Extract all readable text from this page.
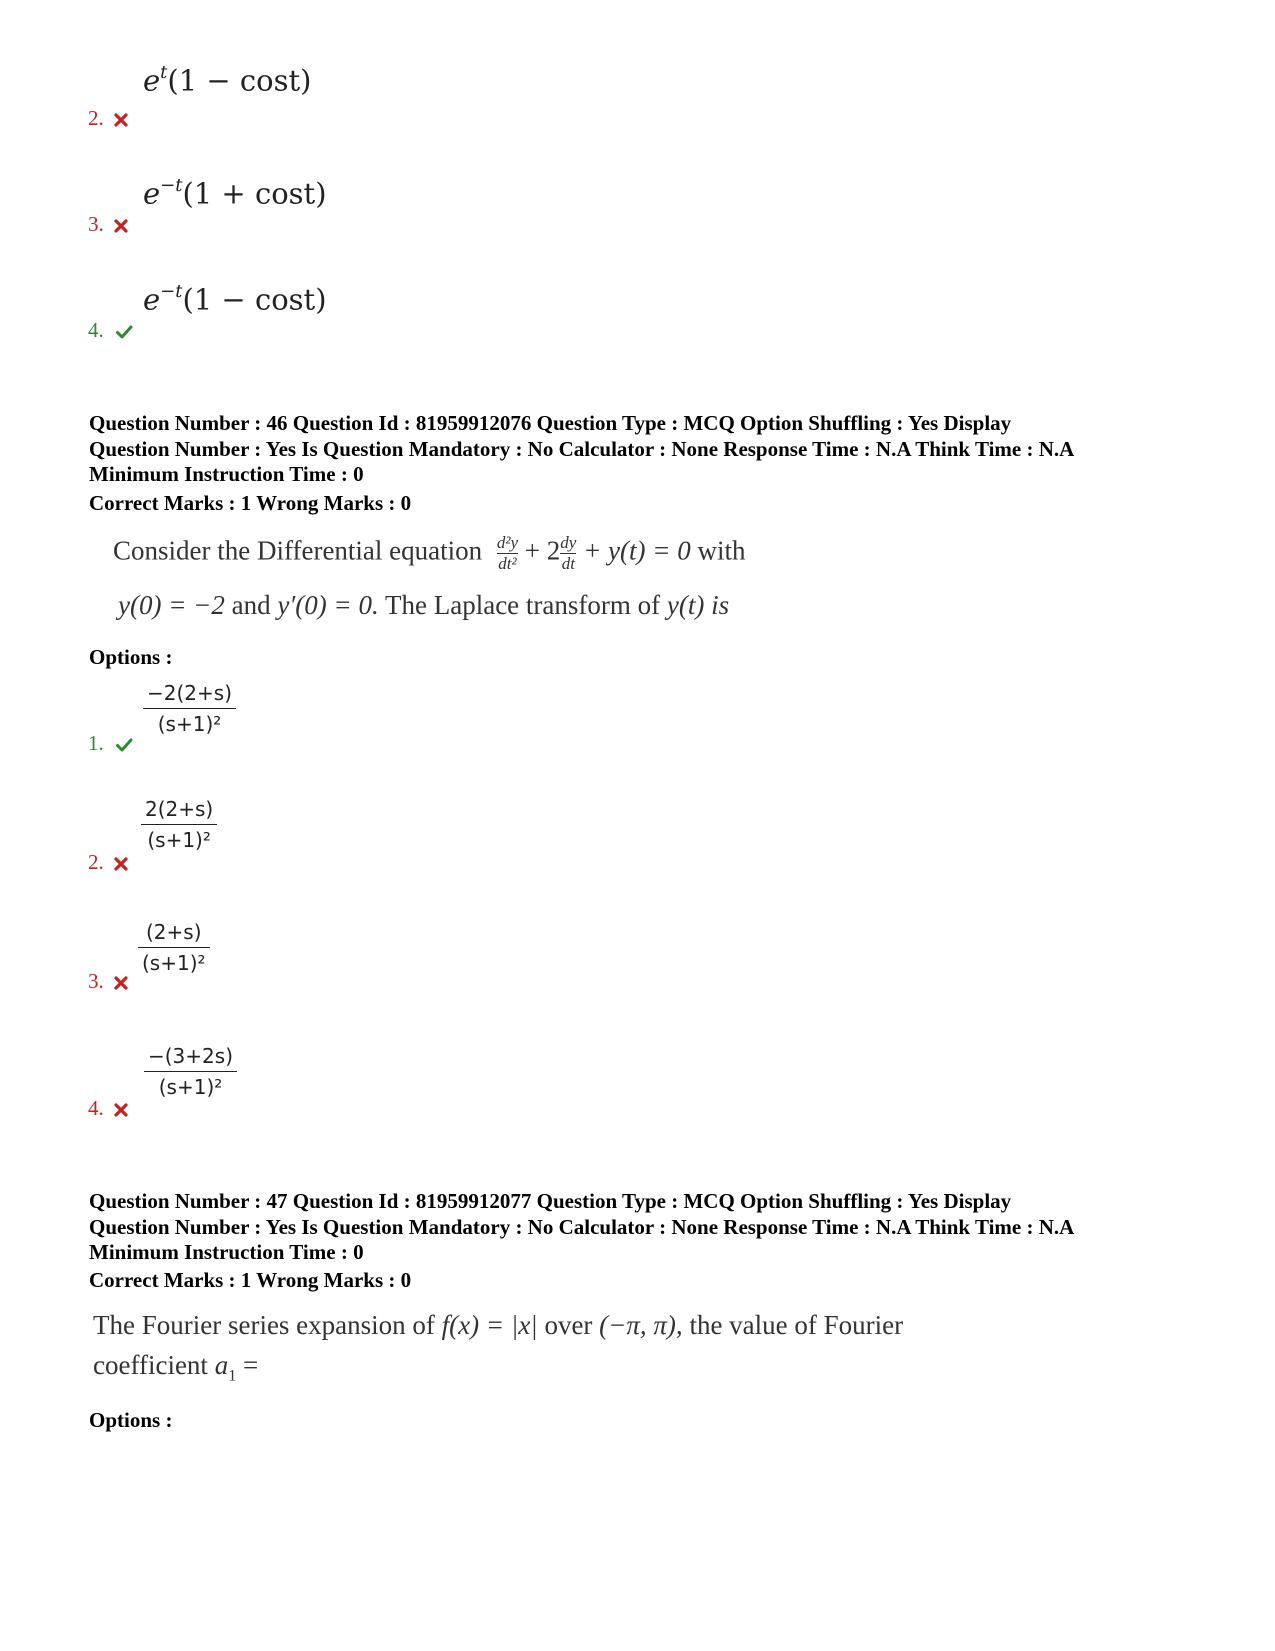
$e^t(1 - \cos t)$
2.
$e^{-t}(1 + \cos t)$
3.
$e^{-t}(1 - \cos t)$
4.

Question Number : 46 Question Id : 81959912076 Question Type : MCQ Option Shuffling : Yes Display

Question Number : Yes Is Question Mandatory : No Calculator : None Response Time : N.A Think Time : N.A

Minimum Instruction Time : 0

Correct Marks : 1 Wrong Marks : 0
Consider the Differential equation $\frac{\text{d²y}}{\text{dt²}} + 2 \frac{dy}{dt} + y(t) = 0$ with
y(0) = −2 and y′(0) = 0. The Laplace transform of y(t) is
Options :
−2(2+s)
(s+1)²
1.
2(2+s)
(s+1)²
2.
(2+s)
(s+1)²
3.
−(3+2s)
(s+1)²
4.

Question Number : 47 Question Id : 81959912077 Question Type : MCQ Option Shuffling : Yes Display

Question Number : Yes Is Question Mandatory : No Calculator : None Response Time : N.A Think Time : N.A

Minimum Instruction Time : 0

Correct Marks : 1 Wrong Marks : 0
The Fourier series expansion of f(x) = |x| over (−π, π), the value of Fourier
coefficient $a_1$ =
Options :
